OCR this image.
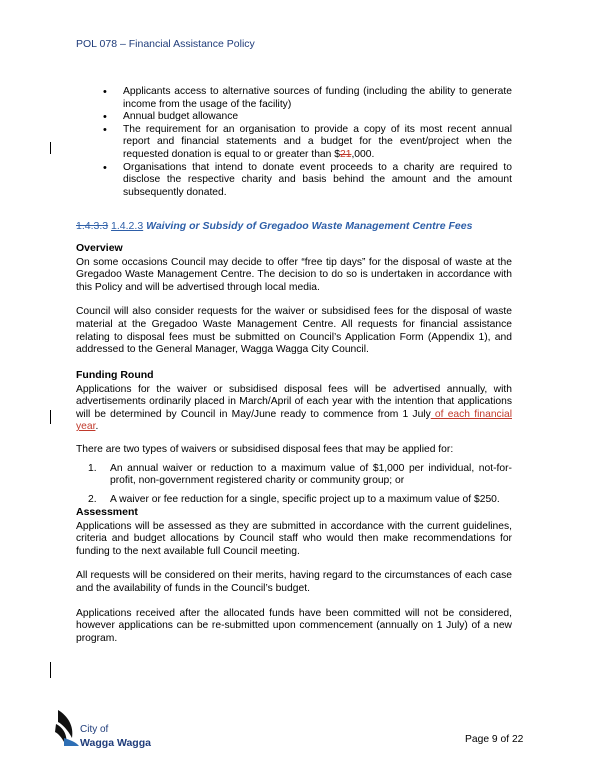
POL 078 – Financial Assistance Policy
• Applicants access to alternative sources of funding (including the ability to generate income from the usage of the facility)
• Annual budget allowance
• The requirement for an organisation to provide a copy of its most recent annual report and financial statements and a budget for the event/project when the requested donation is equal to or greater than $21,000.
• Organisations that intend to donate event proceeds to a charity are required to disclose the respective charity and basis behind the amount and the amount subsequently donated.
1.4.3.3 1.4.2.3 Waiving or Subsidy of Gregadoo Waste Management Centre Fees
Overview

On some occasions Council may decide to offer “free tip days” for the disposal of waste at the Gregadoo Waste Management Centre. The decision to do so is undertaken in accordance with this Policy and will be advertised through local media.

Council will also consider requests for the waiver or subsidised fees for the disposal of waste material at the Gregadoo Waste Management Centre. All requests for financial assistance relating to disposal fees must be submitted on Council’s Application Form (Appendix 1), and addressed to the General Manager, Wagga Wagga City Council.

Funding Round

Applications for the waiver or subsidised disposal fees will be advertised annually, with advertisements ordinarily placed in March/April of each year with the intention that applications will be determined by Council in May/June ready to commence from 1 July of each financial year.

There are two types of waivers or subsidised disposal fees that may be applied for:

1. An annual waiver or reduction to a maximum value of $1,000 per individual, not-for-profit, non-government registered charity or community group; or
2. A waiver or fee reduction for a single, specific project up to a maximum value of $250.
Assessment

Applications will be assessed as they are submitted in accordance with the current guidelines, criteria and budget allocations by Council staff who would then make recommendations for funding to the next available full Council meeting.

All requests will be considered on their merits, having regard to the circumstances of each case and the availability of funds in the Council’s budget.

Applications received after the allocated funds have been committed will not be considered, however applications can be re-submitted upon commencement (annually on 1 July) of a new program.

City of
Wagga Wagga	Page 9 of 22
